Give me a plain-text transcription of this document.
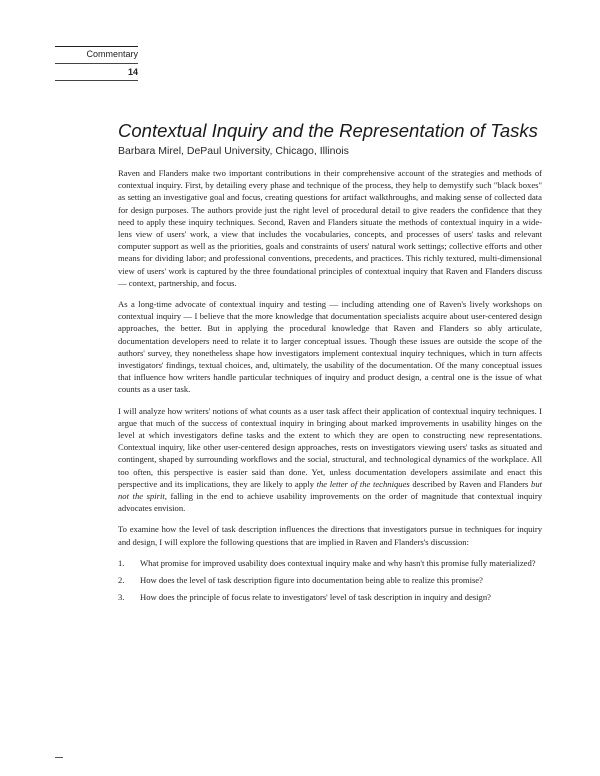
Commentary
14
Contextual Inquiry and the Representation of Tasks

Barbara Mirel, DePaul University, Chicago, Illinois

Raven and Flanders make two important contributions in their comprehensive account of the strategies and methods of contextual inquiry. First, by detailing every phase and technique of the process, they help to demystify such "black boxes" as setting an investigative goal and focus, creating questions for artifact walkthroughs, and making sense of collected data for design purposes. The authors provide just the right level of procedural detail to give readers the confidence that they need to apply these inquiry techniques. Second, Raven and Flanders situate the methods of contextual inquiry in a wide-lens view of users' work, a view that includes the vocabularies, concepts, and processes of users' tasks and relevant computer support as well as the priorities, goals and constraints of users' natural work settings; collective efforts and other means for dividing labor; and professional conventions, precedents, and practices. This richly textured, multi-dimensional view of users' work is captured by the three foundational principles of contextual inquiry that Raven and Flanders discuss — context, partnership, and focus.

As a long-time advocate of contextual inquiry and testing — including attending one of Raven's lively workshops on contextual inquiry — I believe that the more knowledge that documentation specialists acquire about user-centered design approaches, the better. But in applying the procedural knowledge that Raven and Flanders so ably articulate, documentation developers need to relate it to larger conceptual issues. Though these issues are outside the scope of the authors' survey, they nonetheless shape how investigators implement contextual inquiry techniques, which in turn affects investigators' findings, textual choices, and, ultimately, the usability of the documentation. Of the many conceptual issues that influence how writers handle particular techniques of inquiry and product design, a central one is the issue of what counts as a user task.

I will analyze how writers' notions of what counts as a user task affect their application of contextual inquiry techniques. I argue that much of the success of contextual inquiry in bringing about marked improvements in usability hinges on the level at which investigators define tasks and the extent to which they are open to constructing new representations. Contextual inquiry, like other user-centered design approaches, rests on investigators viewing users' tasks as situated and contingent, shaped by surrounding workflows and the social, structural, and technological dynamics of the workplace. All too often, this perspective is easier said than done. Yet, unless documentation developers assimilate and enact this perspective and its implications, they are likely to apply the letter of the techniques described by Raven and Flanders but not the spirit, falling in the end to achieve usability improvements on the order of magnitude that contextual inquiry advocates envision.

To examine how the level of task description influences the directions that investigators pursue in techniques for inquiry and design, I will explore the following questions that are implied in Raven and Flanders's discussion:

1. What promise for improved usability does contextual inquiry make and why hasn't this promise fully materialized?
2. How does the level of task description figure into documentation being able to realize this promise?
3. How does the principle of focus relate to investigators' level of task description in inquiry and design?
